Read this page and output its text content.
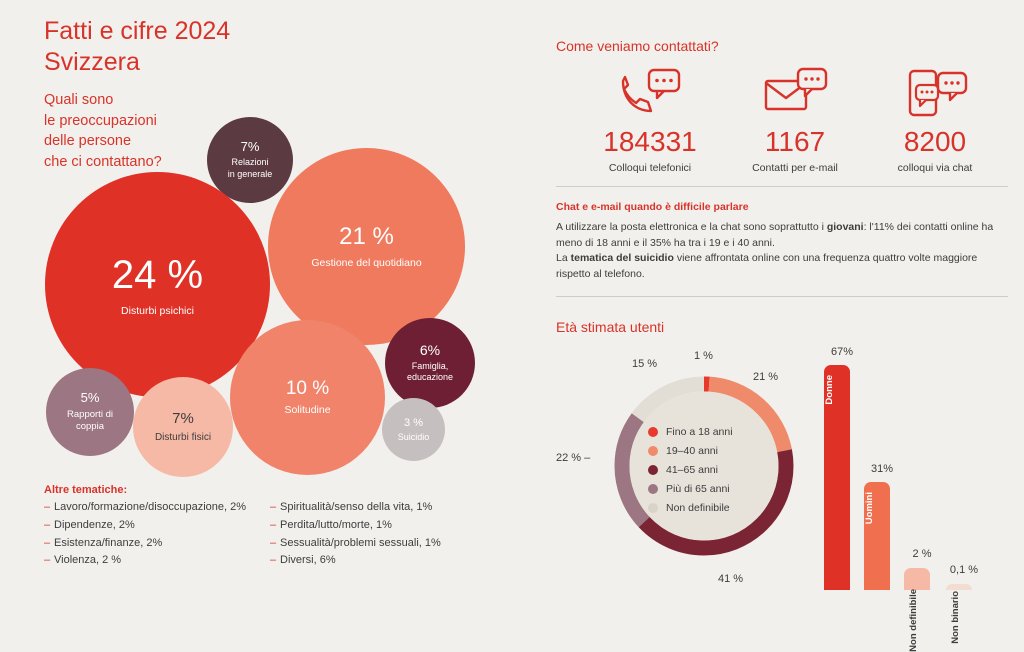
Fatti e cifre 2024
Svizzera
Quali sono
le preoccupazioni
delle persone
che ci contattano?
7%
Relazioni
in generale
21 %
Gestione del quotidiano
24 %
Disturbi psichici
10 %
Solitudine
6%
Famiglia,
educazione
7%
Disturbi fisici
5%
Rapporti di
coppia	3 %
Suicidio
Altre tematiche:
– Lavoro/formazione/disoccupazione, 2%
– Dipendenze, 2%
– Esistenza/finanze, 2%
– Violenza, 2 %
– Spiritualità/senso della vita, 1%
– Perdita/lutto/morte, 1%
– Sessualità/problemi sessuali, 1%
– Diversi, 6%
Come veniamo contattati?
184331
Colloqui telefonici
1167
Contatti per e-mail
8200
colloqui via chat
Chat e e-mail quando è difficile parlare
A utilizzare la posta elettronica e la chat sono soprattutto i giovani: l'11% dei contatti online ha meno di 18 anni e il 35% ha tra i 19 e i 40 anni.
La tematica del suicidio viene affrontata online con una frequenza quattro volte maggiore rispetto al telefono.
Età stimata utenti
1 %
15 %
21 %
22 % –
41 %
Fino a 18 anni
19–40 anni
41–65 anni
Più di 65 anni
Non definibile
67%
Donne
31%
Uomini
2 %
Non definibile
0,1 %
Non binario
